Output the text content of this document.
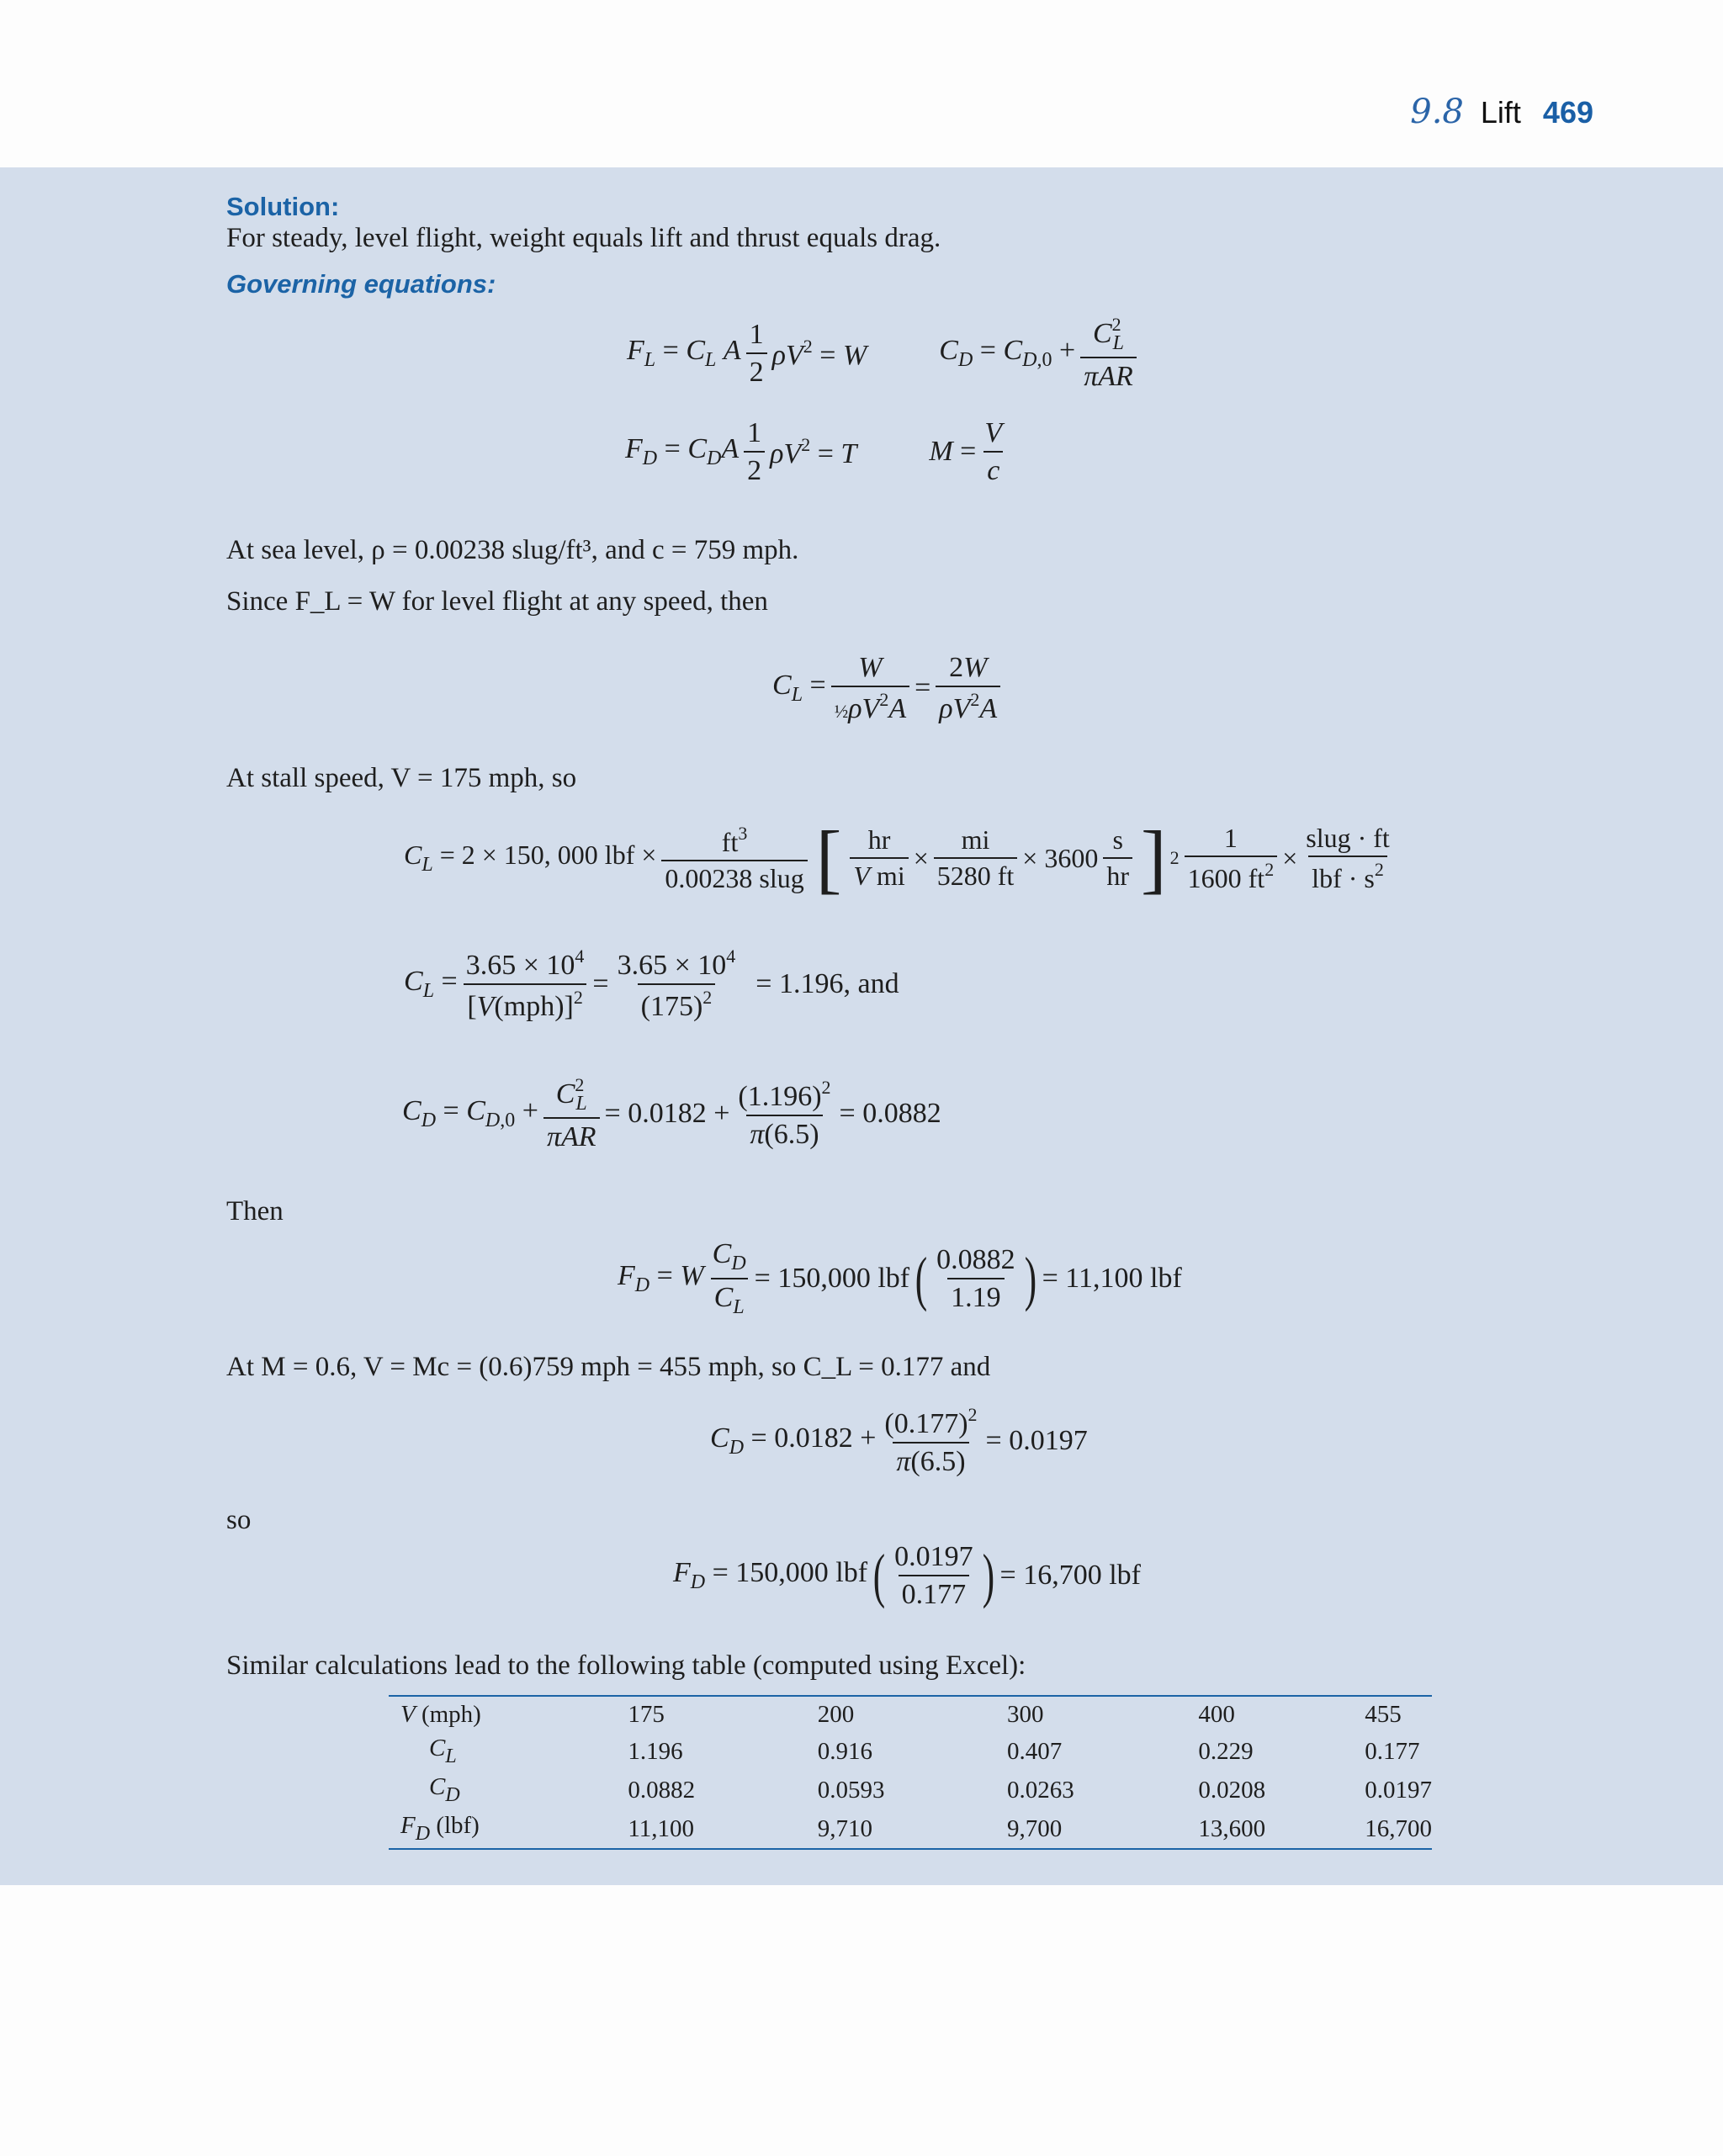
9.8 Lift 469
Solution:
For steady, level flight, weight equals lift and thrust equals drag.
Governing equations:
$F_L = C_L$ A $\frac{1}{2} \rho V^2 = W$	$C_D = C_{D,0} + \frac{C^2_L}{\text{πAR}}$
$F_D = C_DA \frac{1}{2} \rho V^2 = T$	$M = \frac{V}{c}$
At sea level, ρ = 0.00238 slug/ft³, and c = 759 mph.
Since F_L = W for level flight at any speed, then
$C_L = \frac{W}{\frac{1}{2}\rho V^2A} = \frac{2W}{\rho V^2A}$
At stall speed, V = 175 mph, so
$C_L = 2 \times 150$, 000 lbf × $\frac{ft^3}{\text{0.00238 slug}}$ [ $\frac{hr}{\text{V mi}} \times \frac{mi}{5280 ft} \times 3600 \frac{s}{hr}$ ] $2 \frac{1}{1600 ft^2} \times \frac{\text{slug · ft}}{lbf \cdot s^2}$
$C_L = \frac{3.65 \times 10^4}{[V(mph)]^2} = \frac{3.65 \times 10^4}{(175)^2} = 1.196$, and
$C_D = C_{D,0} + \frac{C^2_L}{\text{πAR}} = 0.0182 + \frac{(1.196)^2}{\pi(6.5)} = 0.0882$
Then
$F_D = W \frac{C_D}{C_L} = 150,000$ lbf ( $\frac{0.0882}{1.19}$ ) = 11,100 lbf
At M = 0.6, V = Mc = (0.6)759 mph = 455 mph, so C_L = 0.177 and
$C_D = 0.0182 + \frac{(0.177)^2}{\pi(6.5)} = 0.0197$
so
$F_D = 150,000$ lbf ( $\frac{0.0197}{0.177}$ ) = 16,700 lbf
Similar calculations lead to the following table (computed using Excel):
V (mph)	175	200	300	400	455
$C_L$	1.196	0.916	0.407	0.229	0.177
$C_D$	0.0882	0.0593	0.0263	0.0208	0.0197
$F_D$ (lbf)	11,100	9,710	9,700	13,600	16,700
